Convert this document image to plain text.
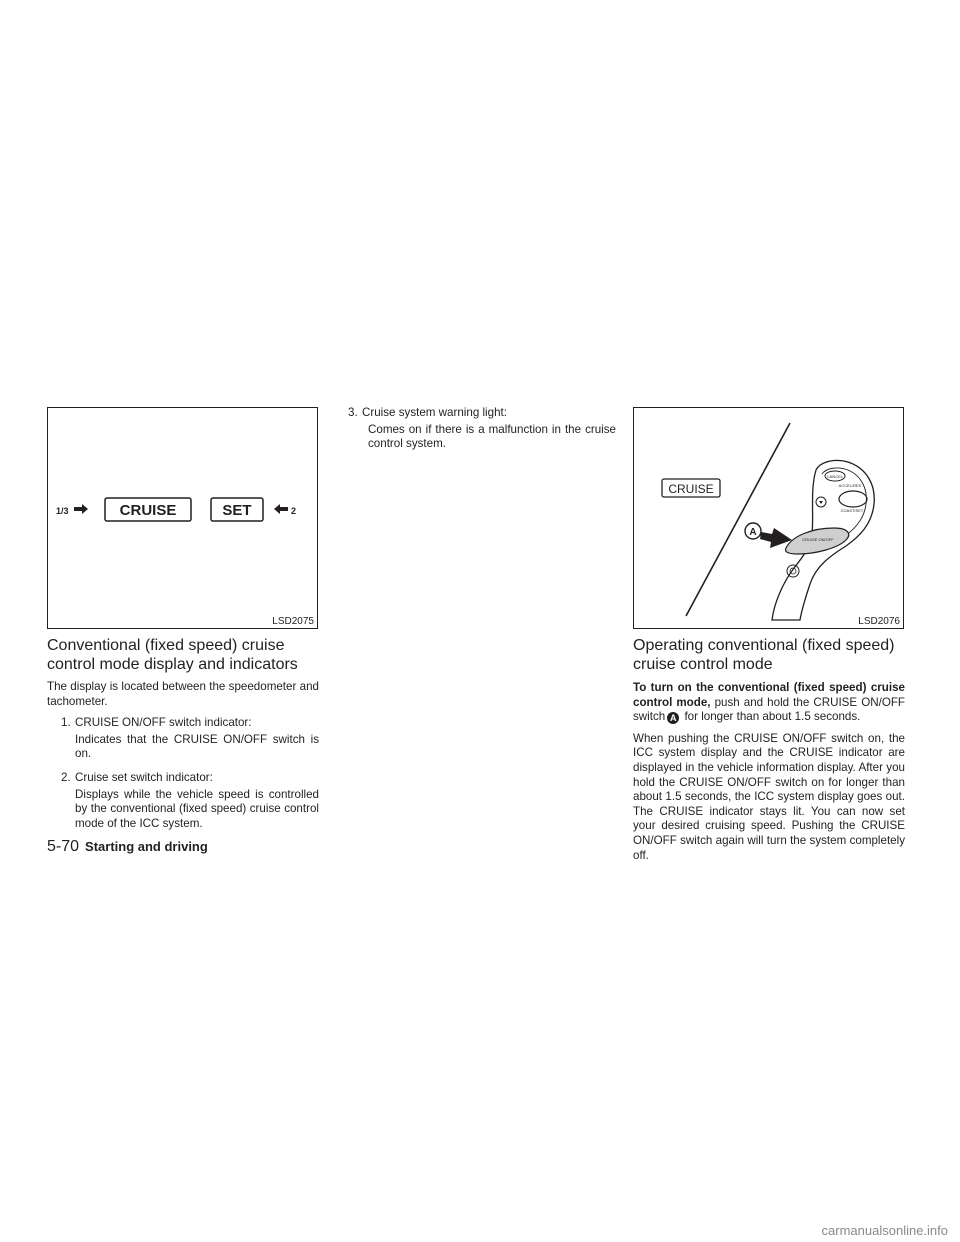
1/3	CRUISE	SET	2
LSD2075
CRUISE
CANCEL
ACCEL/RES
COAST/SET
CRUISE ON/OFF
A
LSD2076
Conventional (fixed speed) cruise control mode display and indicators

The display is located between the speedometer and tachometer.

1. CRUISE ON/OFF switch indicator:
Indicates that the CRUISE ON/OFF switch is on.
2. Cruise set switch indicator:
Displays while the vehicle speed is controlled by the conventional (fixed speed) cruise control mode of the ICC system.
3. Cruise system warning light:
Comes on if there is a malfunction in the cruise control system.
Operating conventional (fixed speed) cruise control mode

To turn on the conventional (fixed speed) cruise control mode, push and hold the CRUISE ON/OFF switch A for longer than about 1.5 seconds.

When pushing the CRUISE ON/OFF switch on, the ICC system display and the CRUISE indicator are displayed in the vehicle information display. After you hold the CRUISE ON/OFF switch on for longer than about 1.5 seconds, the ICC system display goes out. The CRUISE indicator stays lit. You can now set your desired cruising speed. Pushing the CRUISE ON/OFF switch again will turn the system completely off.

5-70 Starting and driving
carmanualsonline.info
